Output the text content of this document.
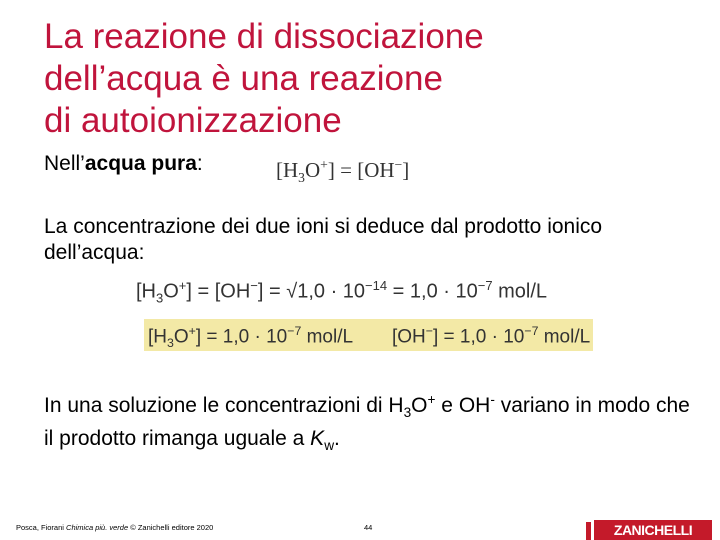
La reazione di dissociazione
dell’acqua è una reazione
di autoionizzazione
Nell’acqua pura:	$[H_3O^+] = [OH^-]$
La concentrazione dei due ioni si deduce dal prodotto ionico dell’acqua:
$[H_3O^+] = [OH^-] = √1,0 \cdot 10^{-14} = 1,0 \cdot 10^{-7}$ mol/L
$[H_3O^+] = 1,0 \cdot 10^{-7}$ mol/L $[OH^-] = 1,0 \cdot 10^{-7}$ mol/L
In una soluzione le concentrazioni di $H_3O^+$ e OH- variano in modo che il prodotto rimanga uguale a $K_w$.
Posca, Fiorani Chimica più. verde © Zanichelli editore 2020	44	ZANICHELLI
